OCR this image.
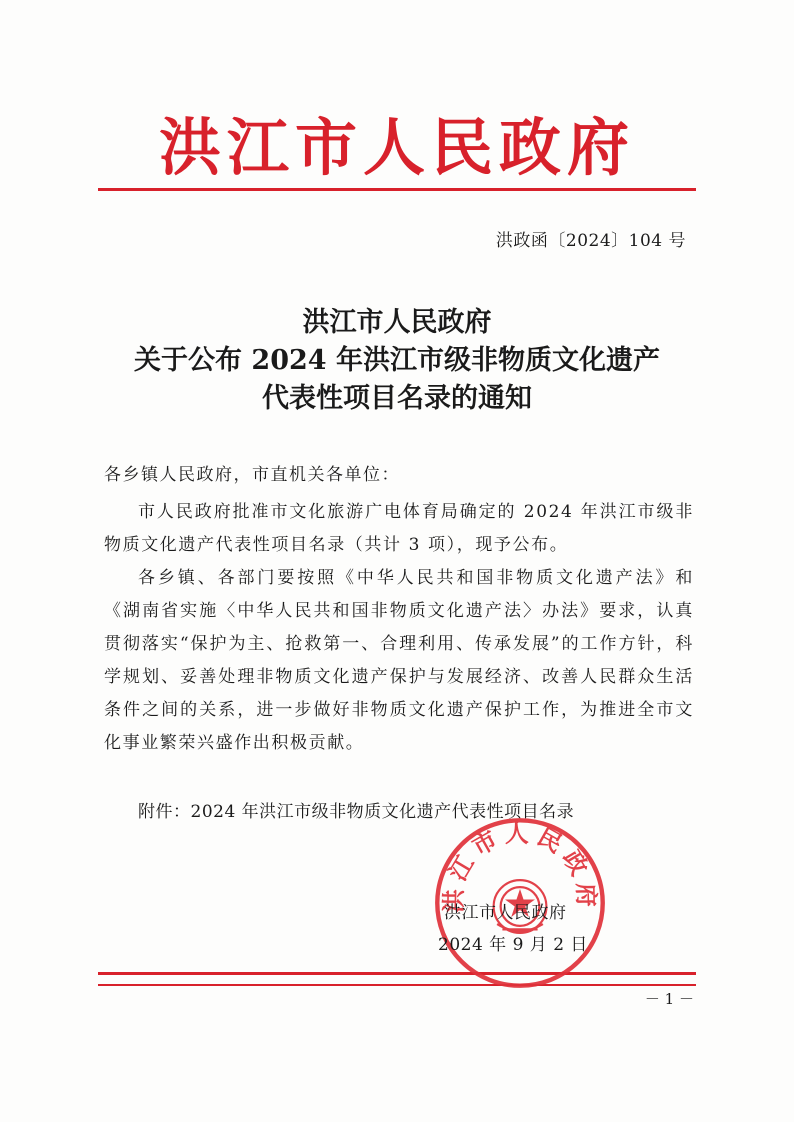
洪江市人民政府
洪政函〔2024〕104 号
洪江市人民政府
关于公布 2024 年洪江市级非物质文化遗产
代表性项目名录的通知
各乡镇人民政府，市直机关各单位：

市人民政府批准市文化旅游广电体育局确定的 2024 年洪江市级非物质文化遗产代表性项目名录（共计 3 项），现予公布。

各乡镇、各部门要按照《中华人民共和国非物质文化遗产法》和《湖南省实施〈中华人民共和国非物质文化遗产法〉办法》要求，认真贯彻落实“保护为主、抢救第一、合理利用、传承发展”的工作方针，科学规划、妥善处理非物质文化遗产保护与发展经济、改善人民群众生活条件之间的关系，进一步做好非物质文化遗产保护工作，为推进全市文化事业繁荣兴盛作出积极贡献。

附件：2024 年洪江市级非物质文化遗产代表性项目名录
洪江市人民政府
洪江市人民政府
2024 年 9 月 2 日
－ 1 －
